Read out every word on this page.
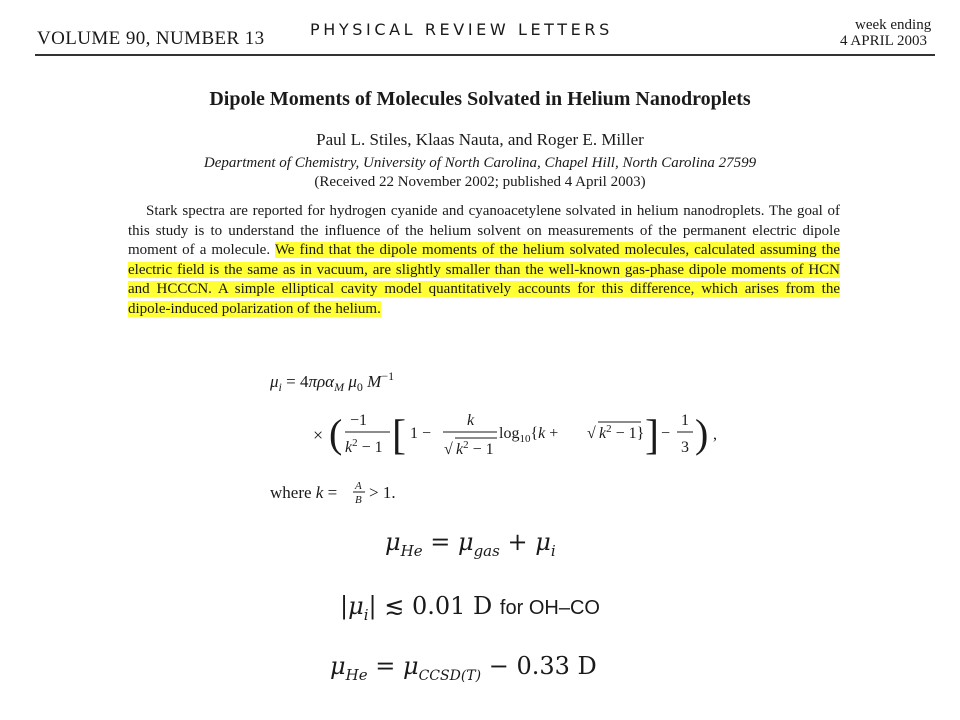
VOLUME 90, NUMBER 13	PHYSICAL REVIEW LETTERS	week ending
4 APRIL 2003
Dipole Moments of Molecules Solvated in Helium Nanodroplets
Paul L. Stiles, Klaas Nauta, and Roger E. Miller
Department of Chemistry, University of North Carolina, Chapel Hill, North Carolina 27599
(Received 22 November 2002; published 4 April 2003)
Stark spectra are reported for hydrogen cyanide and cyanoacetylene solvated in helium nanodroplets. The goal of this study is to understand the influence of the helium solvent on measurements of the permanent electric dipole moment of a molecule. We find that the dipole moments of the helium solvated molecules, calculated assuming the electric field is the same as in vacuum, are slightly smaller than the well-known gas-phase dipole moments of HCN and HCCCN. A simple elliptical cavity model quantitatively accounts for this difference, which arises from the dipole-induced polarization of the helium.
$\mu_i = 4\pi\rho\alpha_M$ $\mu_0$ $M^{-1}$
× ( −1
$k^2 - 1$ [ 1 −
k
√ $k^2 - 1$
$\log_{10}\{k$ + √ $k^2 - 1$} ] −
1
3 ) ,
where k = A
B > 1.
$\mu_{He} = \mu_{gas} + \mu_i$
$|\mu_i|$ ≲ 0.01 D for OH–CO
$\mu_{He} = \mu_{CCSD(T)} - 0.33$ D
